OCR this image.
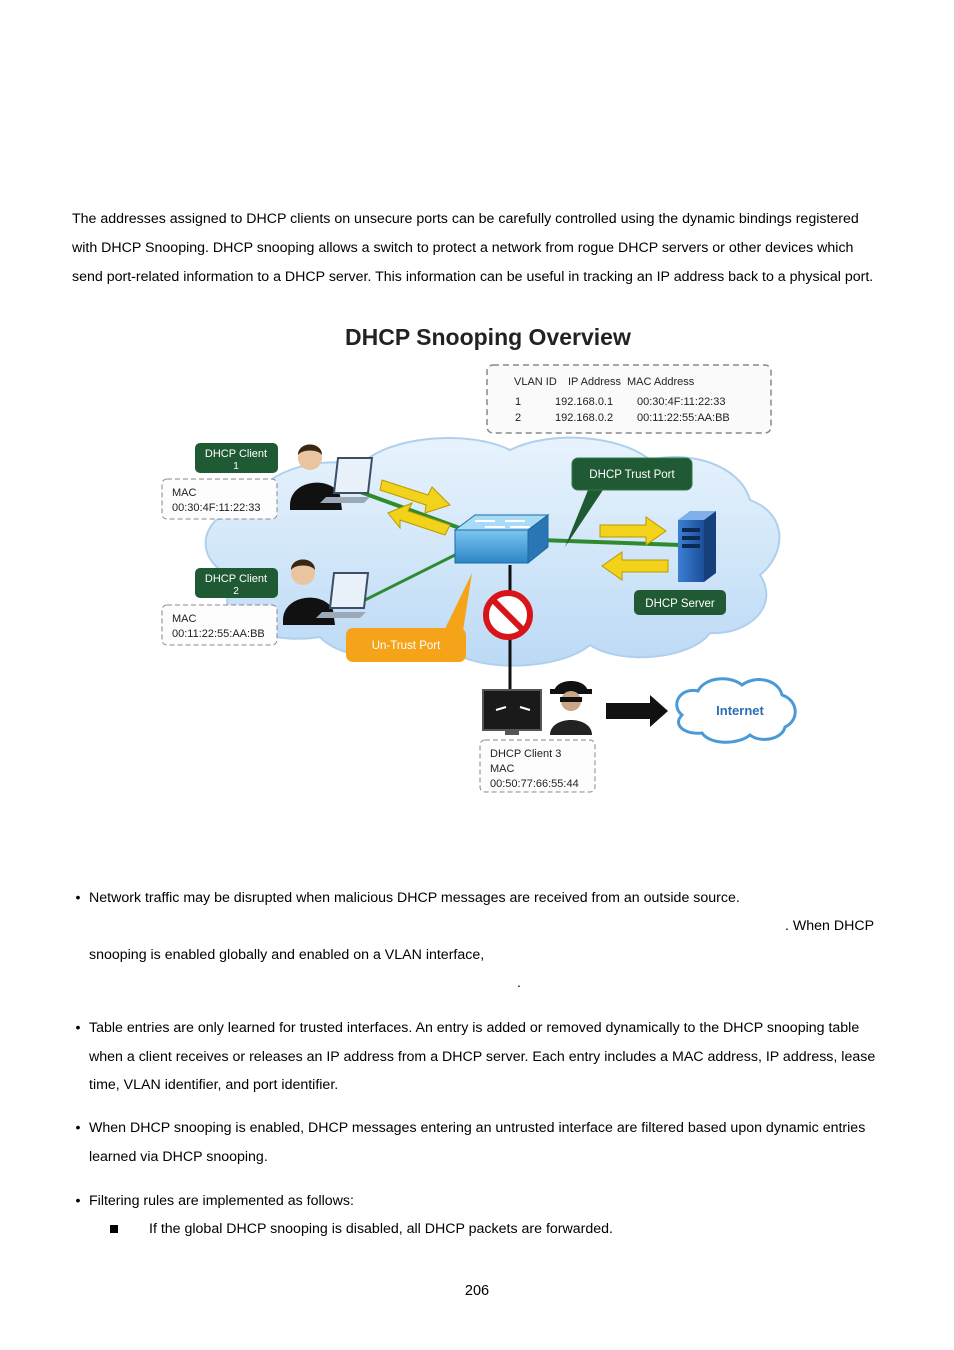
The addresses assigned to DHCP clients on unsecure ports can be carefully controlled using the dynamic bindings registered

with DHCP Snooping. DHCP snooping allows a switch to protect a network from rogue DHCP servers or other devices which

send port-related information to a DHCP server. This information can be useful in tracking an IP address back to a physical port.

DHCP Snooping Overview
VLAN ID IP Address MAC Address
1	192.168.0.1 00:30:4F:11:22:33
2	192.168.0.2 00:11:22:55:AA:BB
DHCP Trust Port
DHCP Server
Un-Trust Port
DHCP Client
1
MAC
00:30:4F:11:22:33
DHCP Client
2
MAC
00:11:22:55:AA:BB
DHCP Client 3
MAC
00:50:77:66:55:44
Internet
• Network traffic may be disrupted when malicious DHCP messages are received from an outside source.
. When DHCP
snooping is enabled globally and enabled on a VLAN interface,
.
• Table entries are only learned for trusted interfaces. An entry is added or removed dynamically to the DHCP snooping table
when a client receives or releases an IP address from a DHCP server. Each entry includes a MAC address, IP address, lease
time, VLAN identifier, and port identifier.
• When DHCP snooping is enabled, DHCP messages entering an untrusted interface are filtered based upon dynamic entries
learned via DHCP snooping.
• Filtering rules are implemented as follows:
If the global DHCP snooping is disabled, all DHCP packets are forwarded.
206
